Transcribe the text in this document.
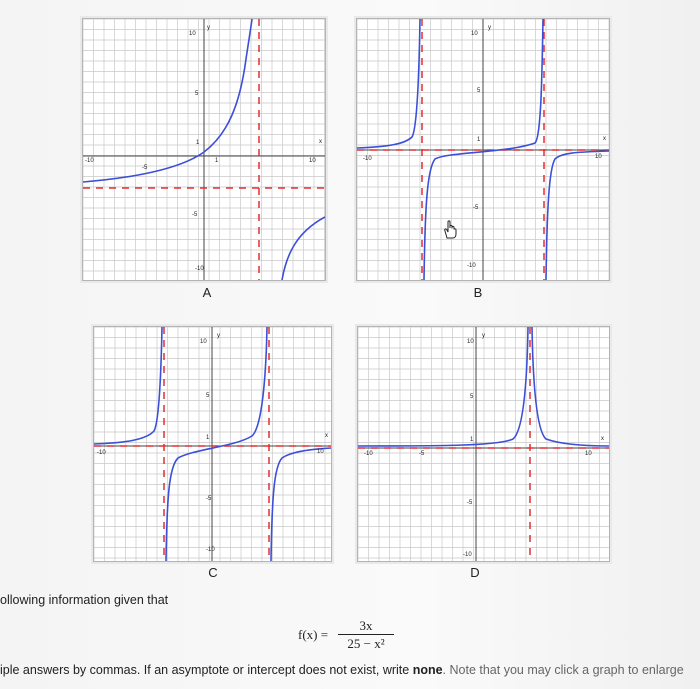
10
5
1
-5
-10
-10
-5
1	10
y
x
A
10
5
1
-5
-10
-10	10
y
x
B
10
5
1
-5
-10
-10	10
y
x
C
10
5
1
-5
-10
-10	-5	10
y
x
D
ollowing information given that
f(x) =
3x
25 − x²
iple answers by commas. If an asymptote or intercept does not exist, write none. Note that you may click a graph to enlarge
